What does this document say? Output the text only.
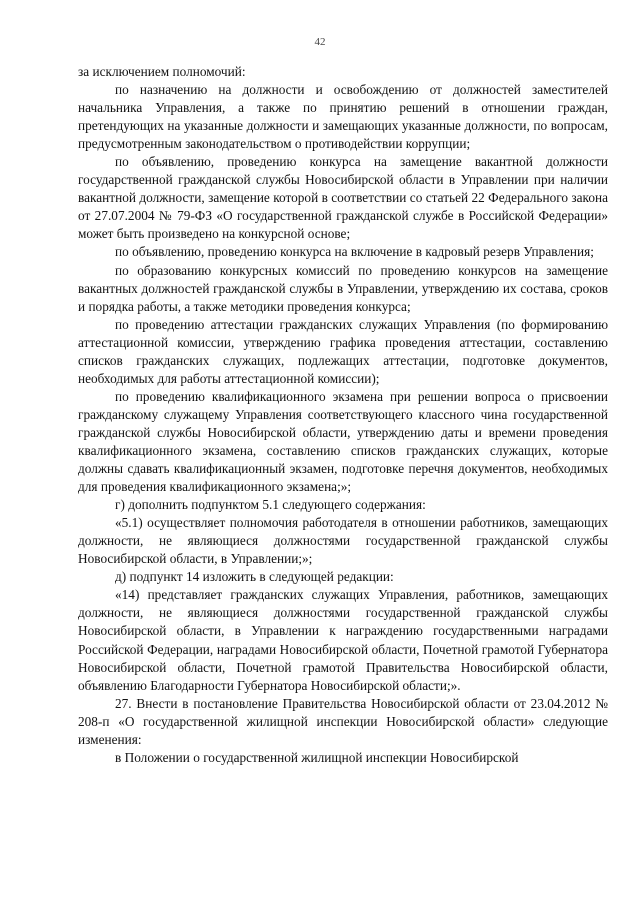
42

за исключением полномочий:

по назначению на должности и освобождению от должностей заместителей начальника Управления, а также по принятию решений в отношении граждан, претендующих на указанные должности и замещающих указанные должности, по вопросам, предусмотренным законодательством о противодействии коррупции;

по объявлению, проведению конкурса на замещение вакантной должности государственной гражданской службы Новосибирской области в Управлении при наличии вакантной должности, замещение которой в соответствии со статьей 22 Федерального закона от 27.07.2004 № 79-ФЗ «О государственной гражданской службе в Российской Федерации» может быть произведено на конкурсной основе;

по объявлению, проведению конкурса на включение в кадровый резерв Управления;

по образованию конкурсных комиссий по проведению конкурсов на замещение вакантных должностей гражданской службы в Управлении, утверждению их состава, сроков и порядка работы, а также методики проведения конкурса;

по проведению аттестации гражданских служащих Управления (по формированию аттестационной комиссии, утверждению графика проведения аттестации, составлению списков гражданских служащих, подлежащих аттестации, подготовке документов, необходимых для работы аттестационной комиссии);

по проведению квалификационного экзамена при решении вопроса о присвоении гражданскому служащему Управления соответствующего классного чина государственной гражданской службы Новосибирской области, утверждению даты и времени проведения квалификационного экзамена, составлению списков гражданских служащих, которые должны сдавать квалификационный экзамен, подготовке перечня документов, необходимых для проведения квалификационного экзамена;»;

г) дополнить подпунктом 5.1 следующего содержания:

«5.1) осуществляет полномочия работодателя в отношении работников, замещающих должности, не являющиеся должностями государственной гражданской службы Новосибирской области, в Управлении;»;

д) подпункт 14 изложить в следующей редакции:

«14) представляет гражданских служащих Управления, работников, замещающих должности, не являющиеся должностями государственной гражданской службы Новосибирской области, в Управлении к награждению государственными наградами Российской Федерации, наградами Новосибирской области, Почетной грамотой Губернатора Новосибирской области, Почетной грамотой Правительства Новосибирской области, объявлению Благодарности Губернатора Новосибирской области;».

27. Внести в постановление Правительства Новосибирской области от 23.04.2012 № 208-п «О государственной жилищной инспекции Новосибирской области» следующие изменения:

в Положении о государственной жилищной инспекции Новосибирской
